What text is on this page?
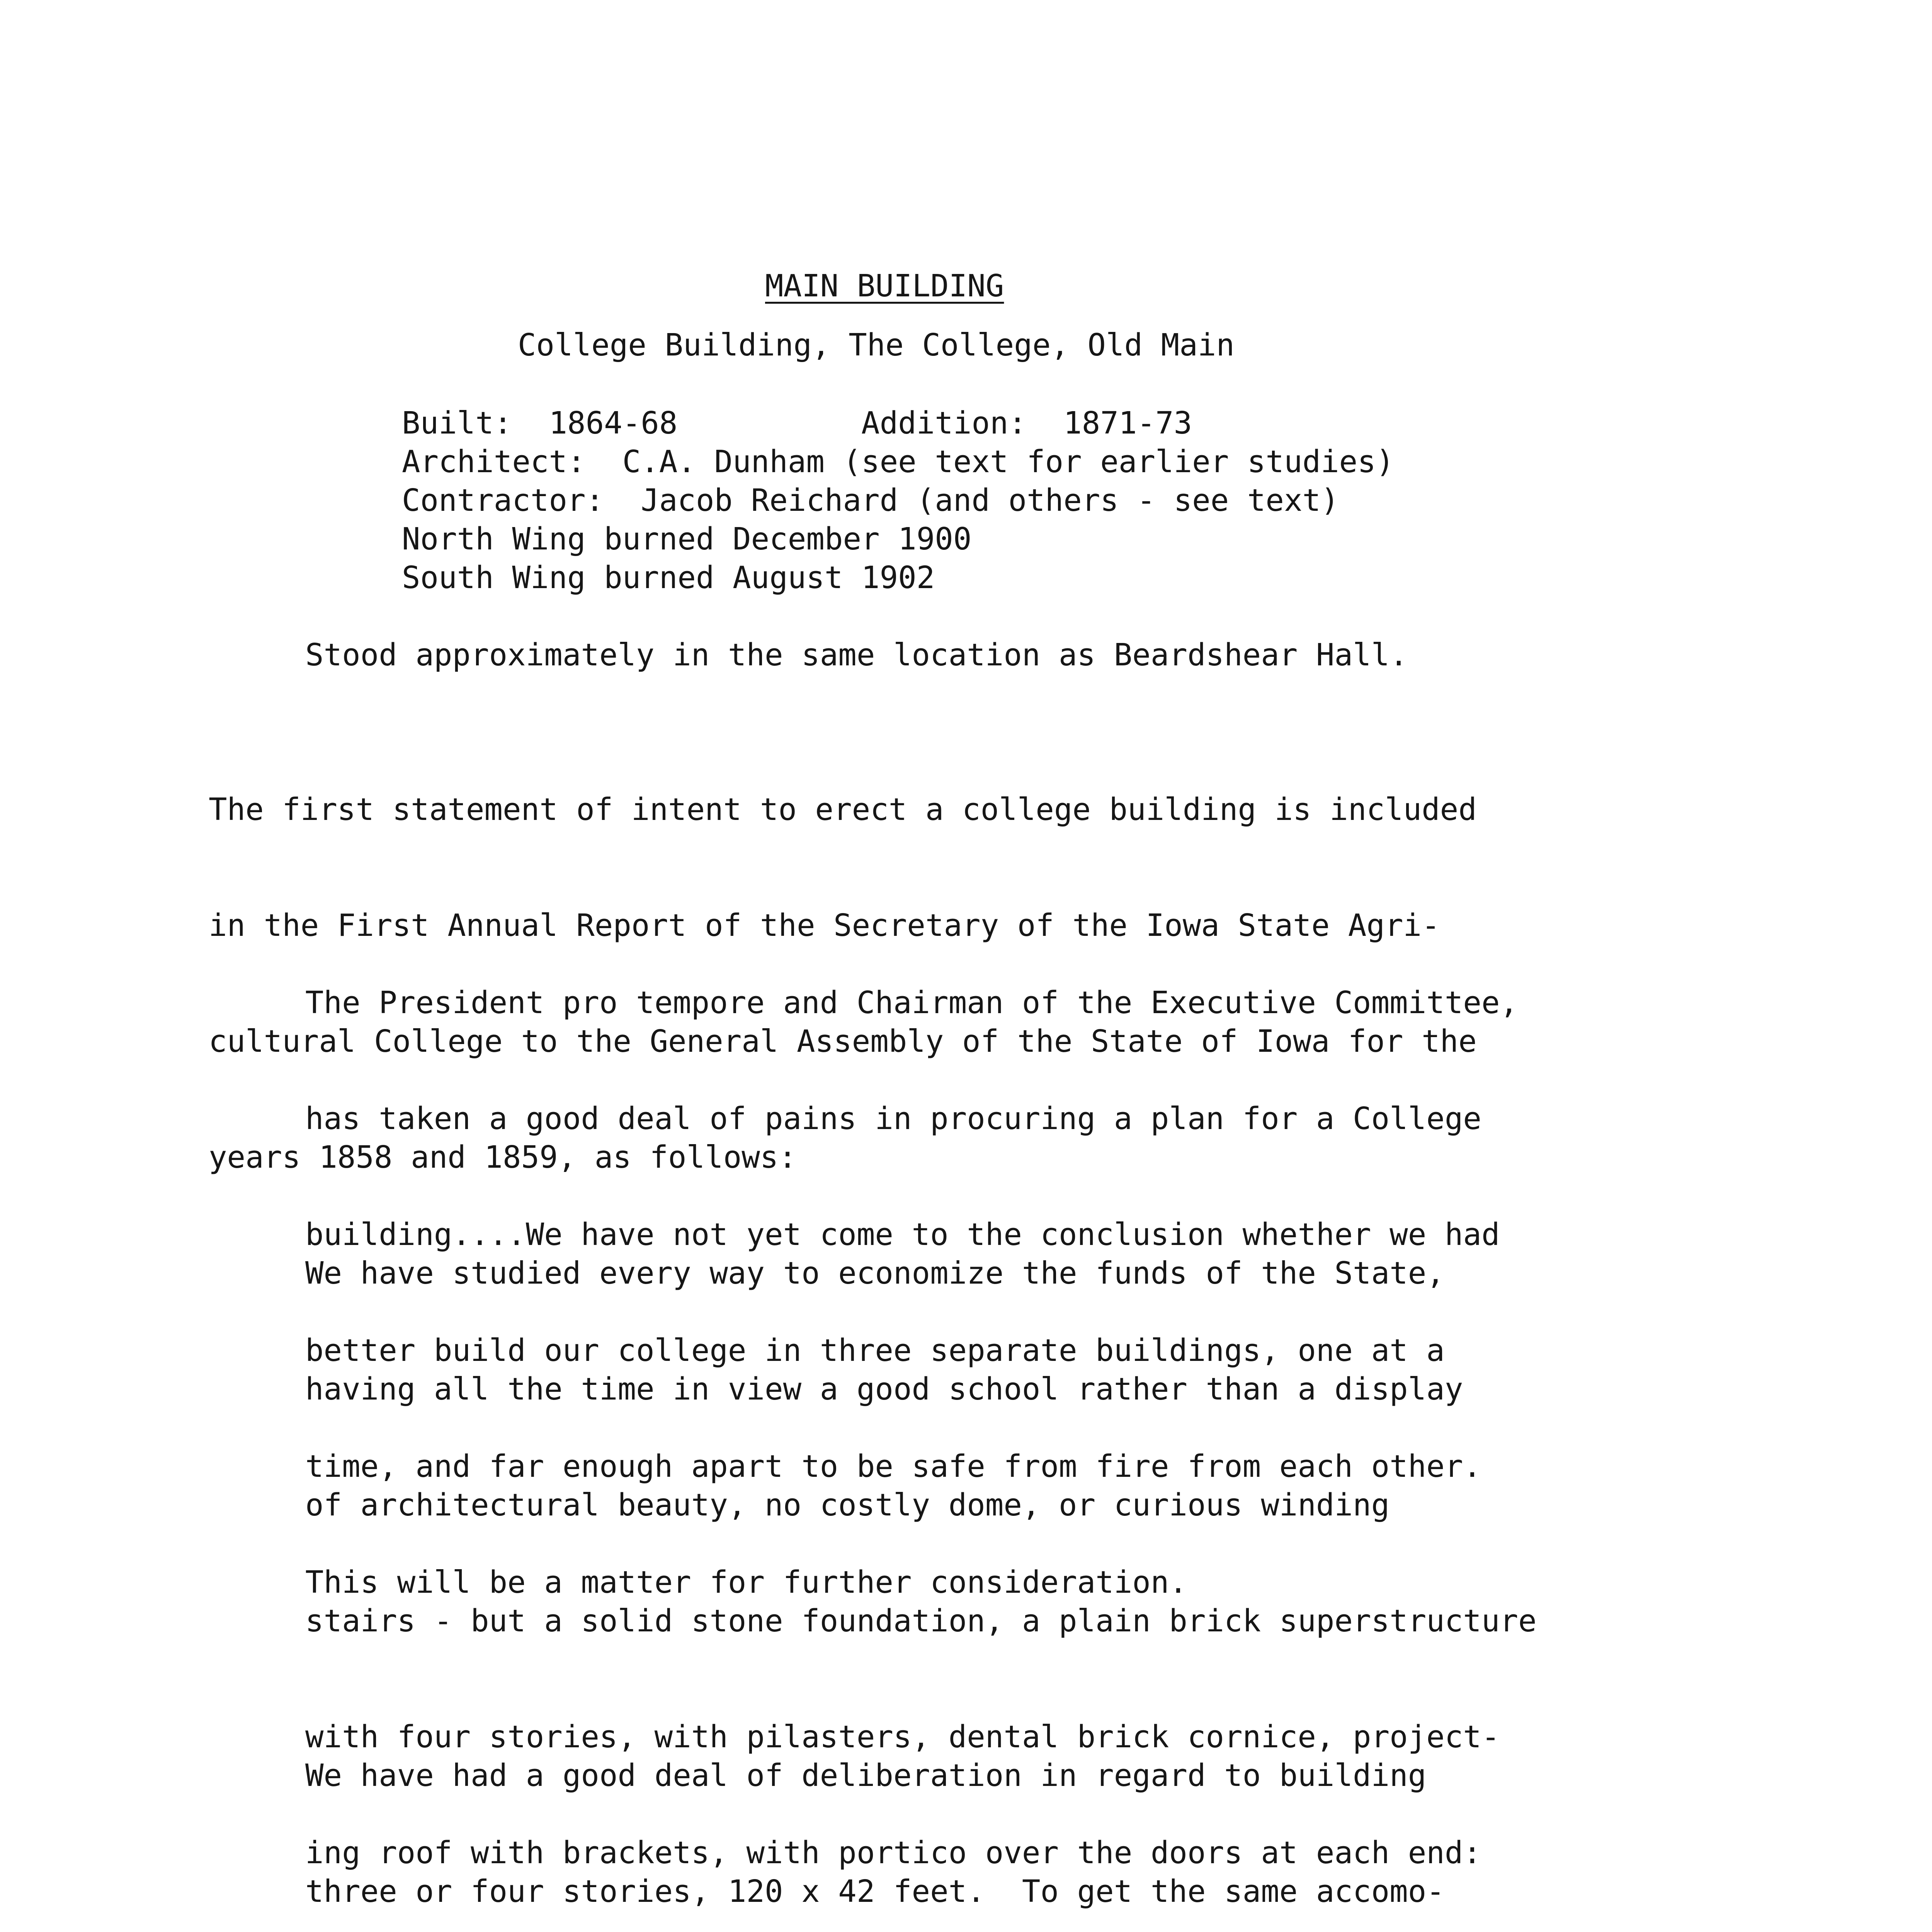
MAIN BUILDING
College Building, The College, Old Main
Built:  1864-68          Addition:  1871-73
Architect:  C.A. Dunham (see text for earlier studies)
Contractor:  Jacob Reichard (and others - see text)
North Wing burned December 1900
South Wing burned August 1902
Stood approximately in the same location as Beardshear Hall.

The first statement of intent to erect a college building is included

in the First Annual Report of the Secretary of the Iowa State Agri-

cultural College to the General Assembly of the State of Iowa for the

years 1858 and 1859, as follows:

The President pro tempore and Chairman of the Executive Committee,

has taken a good deal of pains in procuring a plan for a College

building....We have not yet come to the conclusion whether we had

better build our college in three separate buildings, one at a

time, and far enough apart to be safe from fire from each other.

This will be a matter for further consideration.

We have studied every way to economize the funds of the State,

having all the time in view a good school rather than a display

of architectural beauty, no costly dome, or curious winding

stairs - but a solid stone foundation, a plain brick superstructure

with four stories, with pilasters, dental brick cornice, project-

ing roof with brackets, with portico over the doors at each end:

We have had a good deal of deliberation in regard to building

three or four stories, 120 x 42 feet.  To get the same accomo-
